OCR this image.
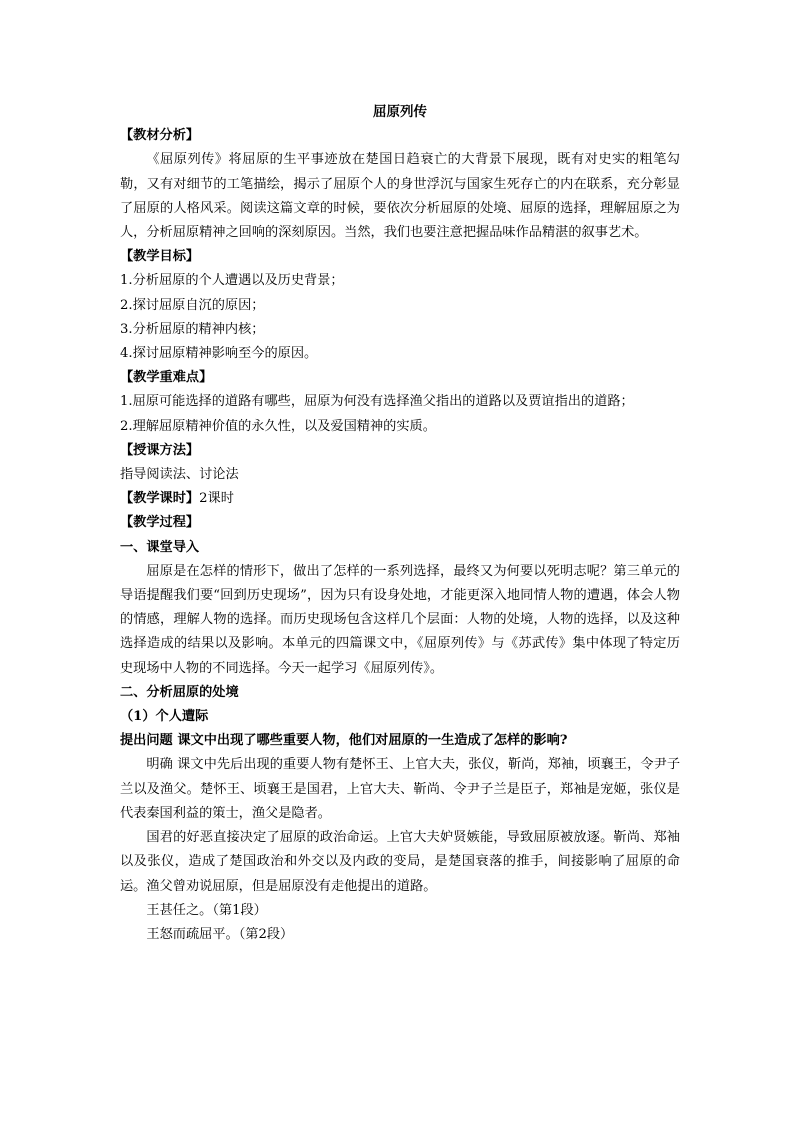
屈原列传

【教材分析】

《屈原列传》将屈原的生平事迹放在楚国日趋衰亡的大背景下展现，既有对史实的粗笔勾勒，又有对细节的工笔描绘，揭示了屈原个人的身世浮沉与国家生死存亡的内在联系，充分彰显了屈原的人格风采。阅读这篇文章的时候，要依次分析屈原的处境、屈原的选择，理解屈原之为人，分析屈原精神之回响的深刻原因。当然，我们也要注意把握品味作品精湛的叙事艺术。

【教学目标】

1.分析屈原的个人遭遇以及历史背景；

2.探讨屈原自沉的原因；

3.分析屈原的精神内核；

4.探讨屈原精神影响至今的原因。

【教学重难点】

1.屈原可能选择的道路有哪些，屈原为何没有选择渔父指出的道路以及贾谊指出的道路；

2.理解屈原精神价值的永久性，以及爱国精神的实质。

【授课方法】

指导阅读法、讨论法

【教学课时】2课时

【教学过程】

一、课堂导入

屈原是在怎样的情形下，做出了怎样的一系列选择，最终又为何要以死明志呢？第三单元的导语提醒我们要“回到历史现场”，因为只有设身处地，才能更深入地同情人物的遭遇，体会人物的情感，理解人物的选择。而历史现场包含这样几个层面：人物的处境，人物的选择，以及这种选择造成的结果以及影响。本单元的四篇课文中，《屈原列传》与《苏武传》集中体现了特定历史现场中人物的不同选择。今天一起学习《屈原列传》。

二、分析屈原的处境

（1）个人遭际

提出问题 课文中出现了哪些重要人物，他们对屈原的一生造成了怎样的影响?

明确 课文中先后出现的重要人物有楚怀王、上官大夫，张仪，靳尚，郑袖，顷襄王，令尹子兰以及渔父。楚怀王、顷襄王是国君，上官大夫、靳尚、令尹子兰是臣子，郑袖是宠姬，张仪是代表秦国利益的策士，渔父是隐者。

国君的好恶直接决定了屈原的政治命运。上官大夫妒贤嫉能，导致屈原被放逐。靳尚、郑袖以及张仪，造成了楚国政治和外交以及内政的变局，是楚国衰落的推手，间接影响了屈原的命运。渔父曾劝说屈原，但是屈原没有走他提出的道路。

王甚任之。（第1段）

王怒而疏屈平。（第2段）
